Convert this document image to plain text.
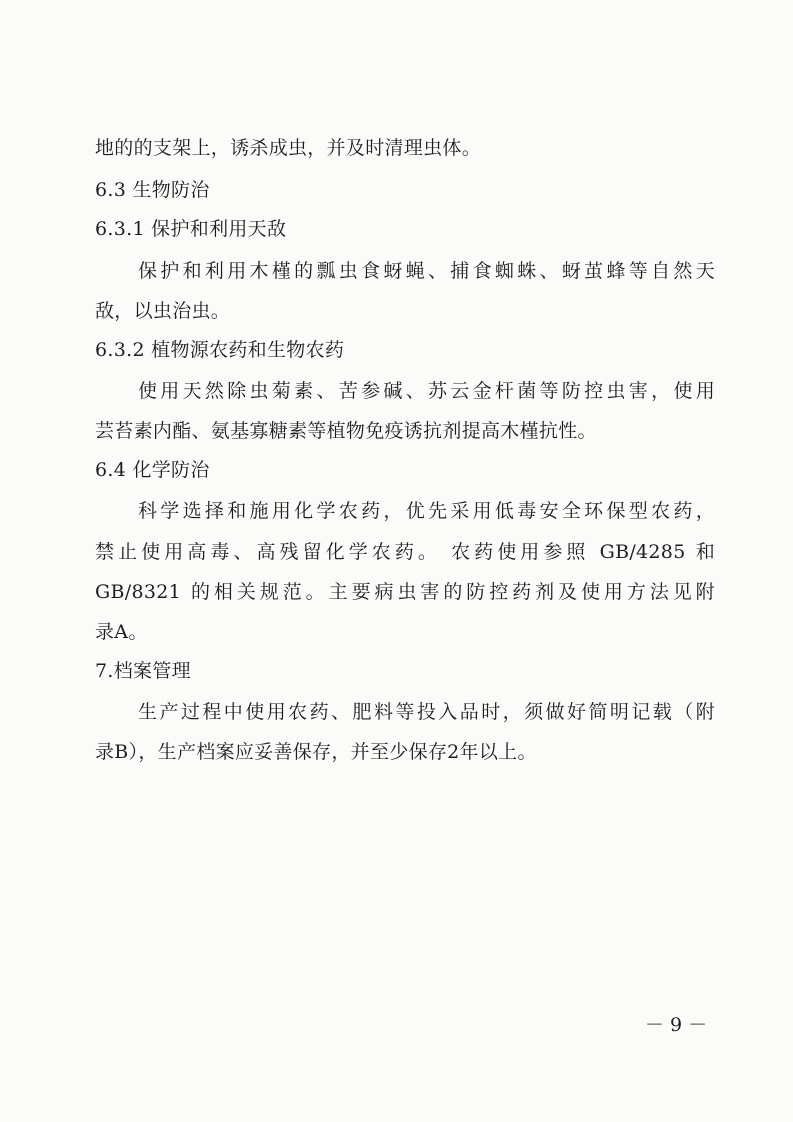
地的的支架上，诱杀成虫，并及时清理虫体。
6.3 生物防治
6.3.1 保护和利用天敌
保护和利用木槿的瓢虫食蚜蝇、捕食蜘蛛、蚜茧蜂等自然天
敌，以虫治虫。
6.3.2 植物源农药和生物农药
使用天然除虫菊素、苦参碱、苏云金杆菌等防控虫害，使用
芸苔素内酯、氨基寡糖素等植物免疫诱抗剂提高木槿抗性。
6.4 化学防治
科学选择和施用化学农药，优先采用低毒安全环保型农药，
禁止使用高毒、高残留化学农药。 农药使用参照 GB/4285 和
GB/8321 的相关规范。主要病虫害的防控药剂及使用方法见附
录A。
7.档案管理
生产过程中使用农药、肥料等投入品时，须做好简明记载（附
录B），生产档案应妥善保存，并至少保存2年以上。
－ 9 －
